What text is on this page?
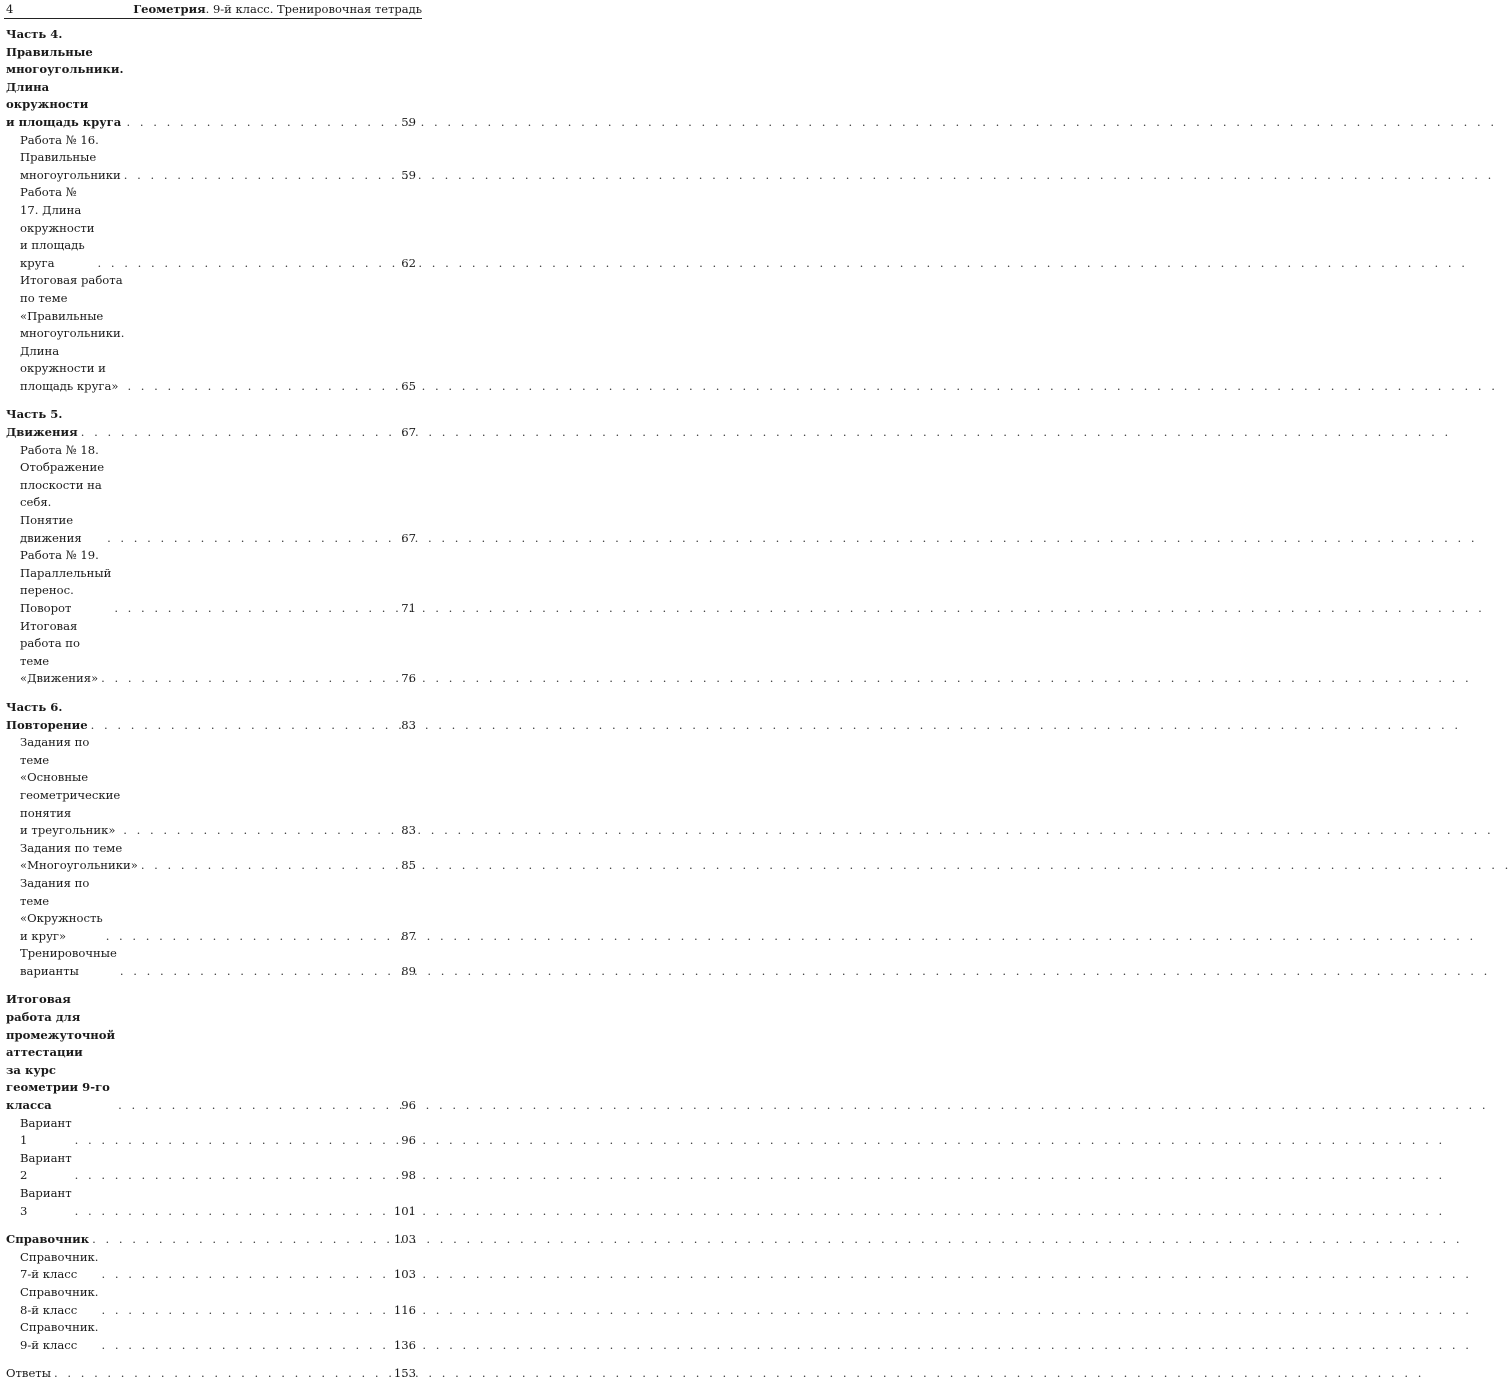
4	Геометрия. 9-й класс. Тренировочная тетрадь
Часть 4. Правильные многоугольники. Длина окружности
и площадь круга . . .	59
Работа № 16. Правильные многоугольники . . .	59
Работа № 17. Длина окружности и площадь круга . . .	62
Итоговая работа по теме «Правильные многоугольники.
Длина окружности и площадь круга» . . .	65
Часть 5. Движения . . .	67
Работа № 18. Отображение плоскости на себя.
Понятие движения . . .	67
Работа № 19. Параллельный перенос. Поворот . . .	71
Итоговая работа по теме «Движения» . . .	76
Часть 6. Повторение . . .	83
Задания по теме «Основные геометрические понятия
и треугольник» . . .	83
Задания по теме «Многоугольники» . . .	85
Задания по теме «Окружность и круг» . . .	87
Тренировочные варианты . . .	89
Итоговая работа для промежуточной аттестации
за курс геометрии 9-го класса . . .	96
Вариант 1 . . .	96
Вариант 2 . . .	98
Вариант 3 . . .	101
Справочник . . .	103
Справочник. 7-й класс . . .	103
Справочник. 8-й класс . . .	116
Справочник. 9-й класс . . .	136
Ответы . . .	153
